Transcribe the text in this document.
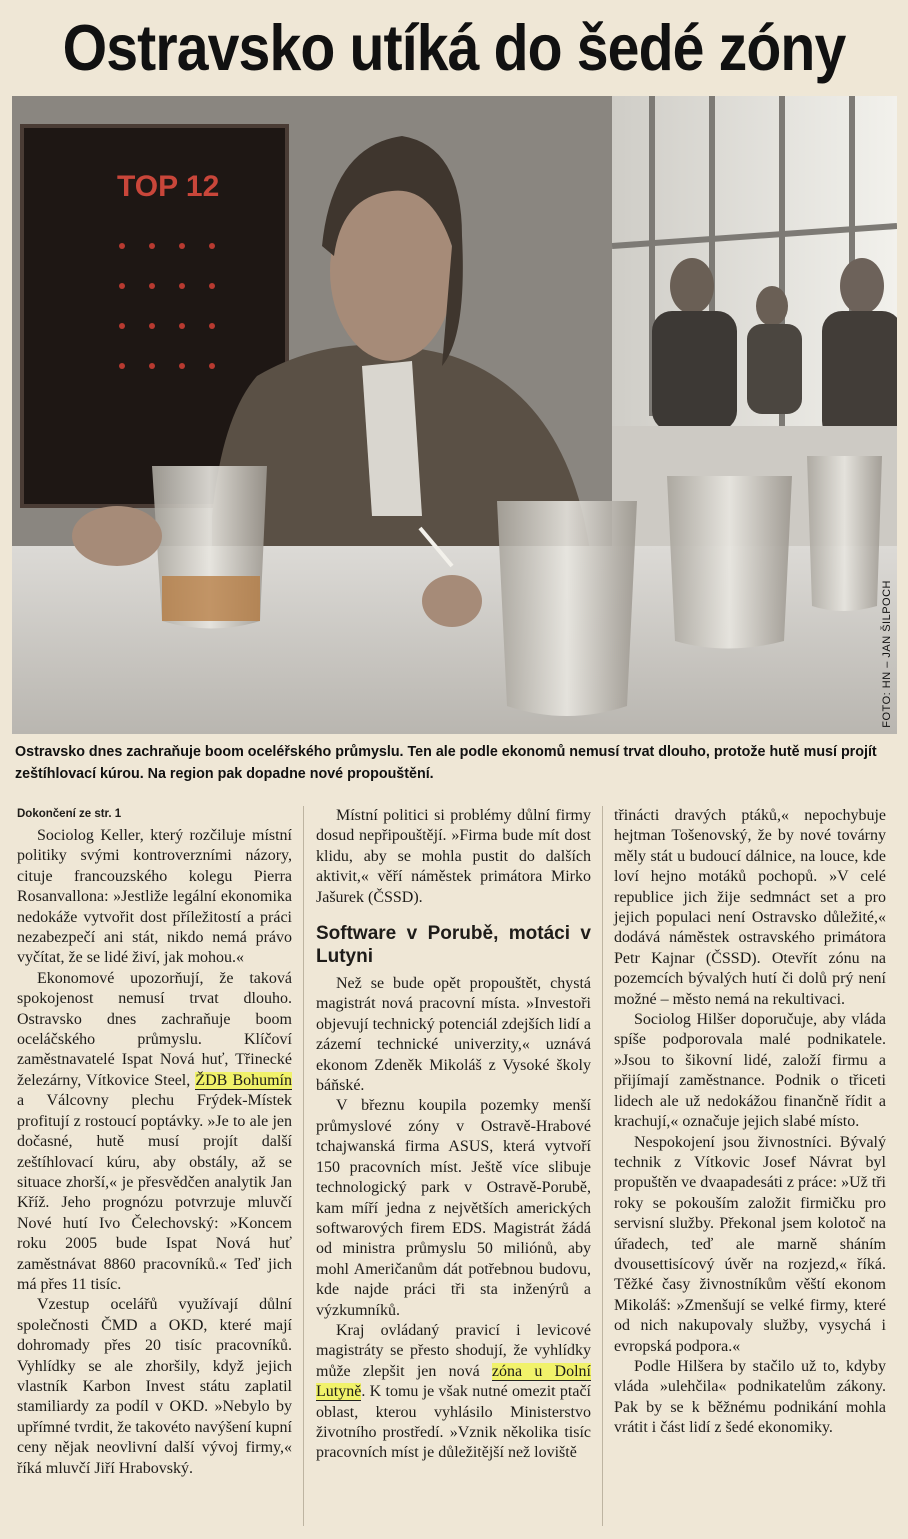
Ostravsko utíká do šedé zóny
TOP 12
FOTO: HN – JAN ŠILPOCH
Ostravsko dnes zachraňuje boom oceléřského průmyslu. Ten ale podle ekonomů nemusí trvat dlouho, protože hutě musí projít zeštíhlovací kúrou. Na region pak dopadne nové propouštění.
Dokončení ze str. 1

Sociolog Keller, který rozčiluje místní politiky svými kontroverzními názory, cituje francouzského kolegu Pierra Rosanvallona: »Jestliže legální ekonomika nedokáže vytvořit dost příležitostí a práci nezabezpečí ani stát, nikdo nemá právo vyčítat, že se lidé živí, jak mohou.«

Ekonomové upozorňují, že taková spokojenost nemusí trvat dlouho. Ostravsko dnes zachraňuje boom oceláčského průmyslu. Klíčoví zaměstnavatelé Ispat Nová huť, Třinecké železárny, Vítkovice Steel, ŽDB Bohumín a Válcovny plechu Frýdek-Místek profitují z rostoucí poptávky. »Je to ale jen dočasné, hutě musí projít další zeštíhlovací kúru, aby obstály, až se situace zhorší,« je přesvědčen analytik Jan Kříž. Jeho prognózu potvrzuje mluvčí Nové hutí Ivo Čelechovský: »Koncem roku 2005 bude Ispat Nová huť zaměstnávat 8860 pracovníků.« Teď jich má přes 11 tisíc.

Vzestup ocelářů využívají důlní společnosti ČMD a OKD, které mají dohromady přes 20 tisíc pracovníků. Vyhlídky se ale zhoršily, když jejich vlastník Karbon Invest státu zaplatil stamiliardy za podíl v OKD. »Nebylo by upřímné tvrdit, že takovéto navýšení kupní ceny nějak neovlivní další vývoj firmy,« říká mluvčí Jiří Hrabovský.

Místní politici si problémy důlní firmy dosud nepřipouštějí. »Firma bude mít dost klidu, aby se mohla pustit do dalších aktivit,« věří náměstek primátora Mirko Jašurek (ČSSD).

Software v Porubě, motáci v Lutyni

Než se bude opět propouštět, chystá magistrát nová pracovní místa. »Investoři objevují technický potenciál zdejších lidí a zázemí technické univerzity,« uznává ekonom Zdeněk Mikoláš z Vysoké školy báňské.

V březnu koupila pozemky menší průmyslové zóny v Ostravě-Hrabové tchajwanská firma ASUS, která vytvoří 150 pracovních míst. Ještě více slibuje technologický park v Ostravě-Porubě, kam míří jedna z největších amerických softwarových firem EDS. Magistrát žádá od ministra průmyslu 50 miliónů, aby mohl Američanům dát potřebnou budovu, kde najde práci tři sta inženýrů a výzkumníků.

Kraj ovládaný pravicí i levicové magistráty se přesto shodují, že vyhlídky může zlepšit jen nová zóna u Dolní Lutyně. K tomu je však nutné omezit ptačí oblast, kterou vyhlásilo Ministerstvo životního prostředí. »Vznik několika tisíc pracovních míst je důležitější než loviště

třinácti dravých ptáků,« nepochybuje hejtman Tošenovský, že by nové továrny měly stát u budoucí dálnice, na louce, kde loví hejno motáků pochopů. »V celé republice jich žije sedmnáct set a pro jejich populaci není Ostravsko důležité,« dodává náměstek ostravského primátora Petr Kajnar (ČSSD). Otevřít zónu na pozemcích bývalých hutí či dolů prý není možné – město nemá na rekultivaci.

Sociolog Hilšer doporučuje, aby vláda spíše podporovala malé podnikatele. »Jsou to šikovní lidé, založí firmu a přijímají zaměstnance. Podnik o třiceti lidech ale už nedokážou finančně řídit a krachují,« označuje jejich slabé místo.

Nespokojení jsou živnostníci. Bývalý technik z Vítkovic Josef Návrat byl propuštěn ve dvaapadesáti z práce: »Už tři roky se pokouším založit firmičku pro servisní služby. Překonal jsem kolotoč na úřadech, teď ale marně sháním dvousettisícový úvěr na rozjezd,« říká. Těžké časy živnostníkům věští ekonom Mikoláš: »Zmenšují se velké firmy, které od nich nakupovaly služby, vysychá i evropská podpora.«

Podle Hilšera by stačilo už to, kdyby vláda »ulehčila« podnikatelům zákony. Pak by se k běžnému podnikání mohla vrátit i část lidí z šedé ekonomiky.
